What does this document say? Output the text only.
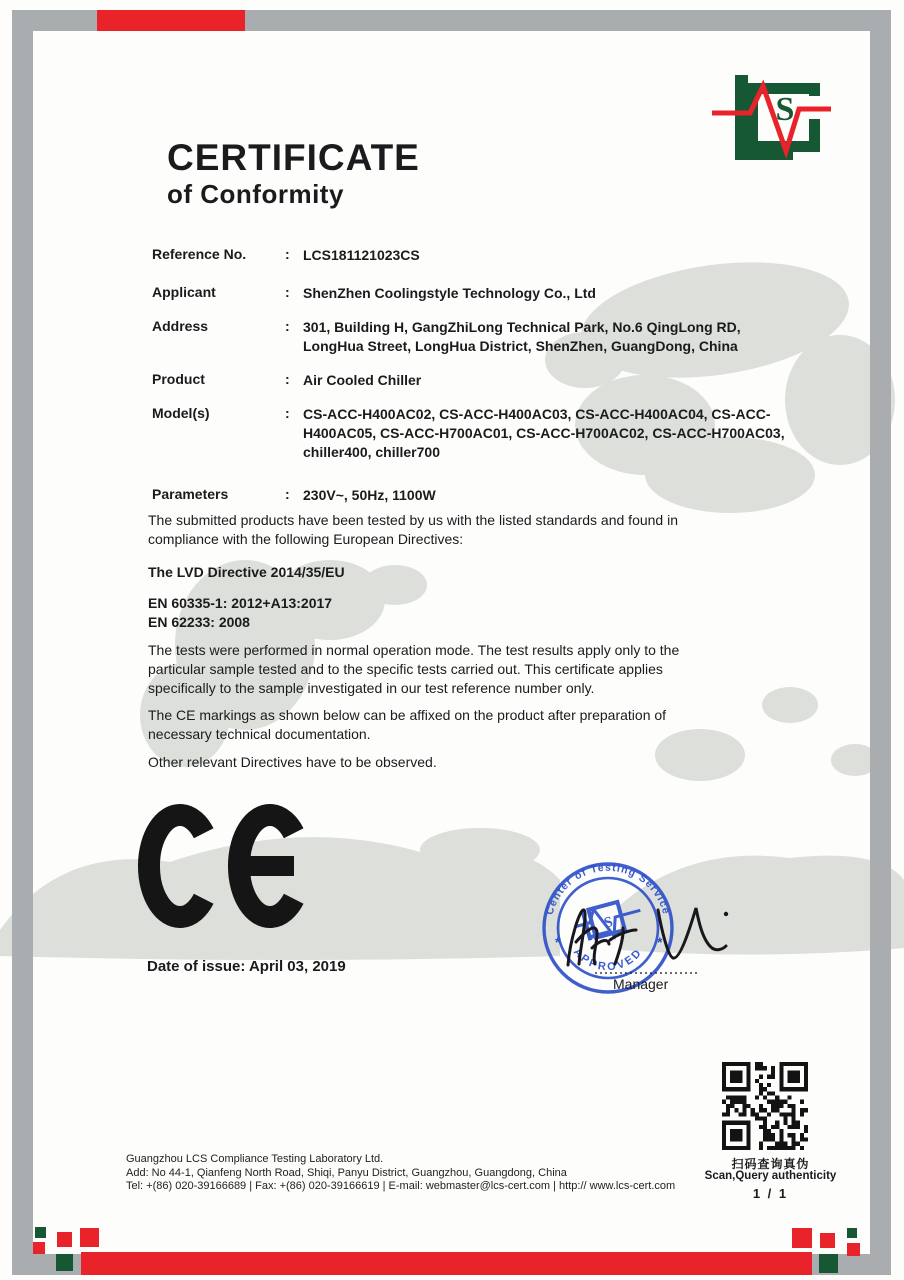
S
CERTIFICATE
of Conformity
Reference No.	: LCS181121023CS
Applicant	: ShenZhen Coolingstyle Technology Co., Ltd
Address	: 301, Building H, GangZhiLong Technical Park, No.6 QingLong RD, LongHua Street, LongHua District, ShenZhen, GuangDong, China
Product	: Air Cooled Chiller
Model(s)	: CS-ACC-H400AC02, CS-ACC-H400AC03, CS-ACC-H400AC04, CS-ACC-H400AC05, CS-ACC-H700AC01, CS-ACC-H700AC02, CS-ACC-H700AC03, chiller400, chiller700
Parameters	: 230V~, 50Hz, 1100W
The submitted products have been tested by us with the listed standards and found in compliance with the following European Directives:
The LVD Directive 2014/35/EU
EN 60335-1: 2012+A13:2017
EN 62233: 2008
The tests were performed in normal operation mode. The test results apply only to the particular sample tested and to the specific tests carried out. This certificate applies specifically to the sample investigated in our test reference number only.
The CE markings as shown below can be affixed on the product after preparation of necessary technical documentation.
Other relevant Directives have to be observed.
Date of issue: April 03, 2019
Center of Testing Service
APPROVED
*	*
S
Manager
扫码查询真伪
Scan,Query authenticity
1 / 1
Guangzhou LCS Compliance Testing Laboratory Ltd.
Add: No 44-1, Qianfeng North Road, Shiqi, Panyu District, Guangzhou, Guangdong, China
Tel: +(86) 020-39166689 | Fax: +(86) 020-39166619 | E-mail: webmaster@lcs-cert.com | http:// www.lcs-cert.com
